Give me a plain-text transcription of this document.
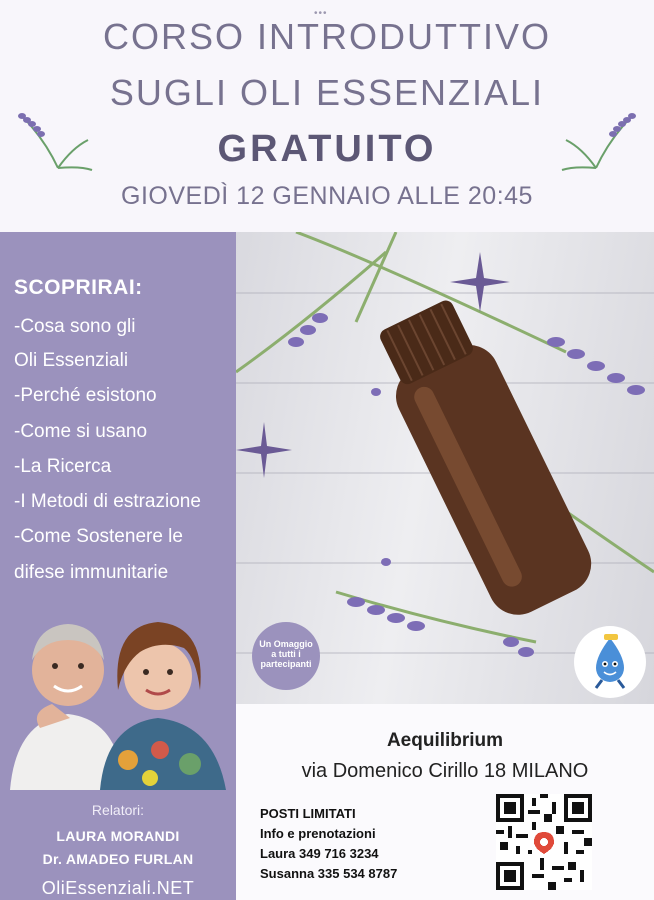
•••
CORSO INTRODUTTIVO
SUGLI OLI ESSENZIALI
GRATUITO
GIOVEDÌ 12 GENNAIO ALLE 20:45
SCOPRIRAI:
-Cosa sono gli
Oli Essenziali
-Perché esistono
-Come si usano
-La Ricerca
-I Metodi di estrazione
-Come Sostenere le
difese immunitarie
Un Omaggio
a tutti i
partecipanti
Relatori:
LAURA MORANDI
Dr. AMADEO FURLAN
OliEssenziali.NET
Aequilibrium
via Domenico Cirillo 18 MILANO
POSTI LIMITATI
Info e prenotazioni
Laura 349 716 3234
Susanna 335 534 8787
